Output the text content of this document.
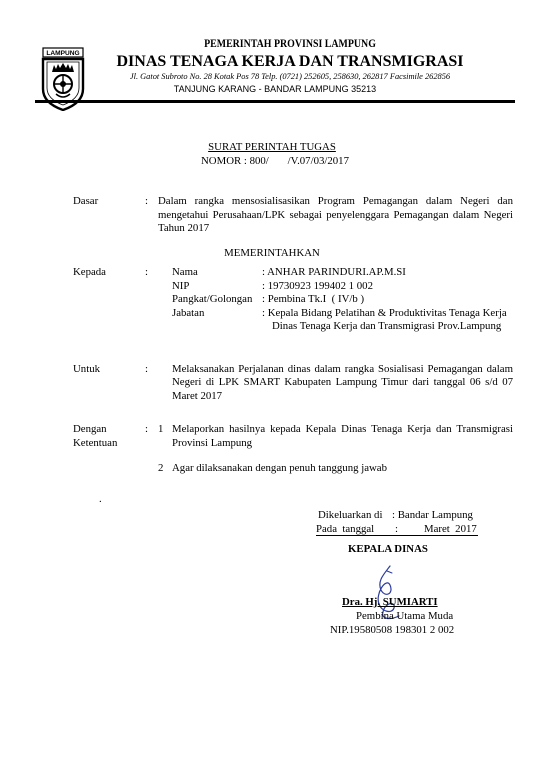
LAMPUNG

PEMERINTAH PROVINSI LAMPUNG
DINAS TENAGA KERJA DAN TRANSMIGRASI
Jl. Gatot Subroto No. 28 Kotak Pos 78 Telp. (0721) 252605, 258630, 262817 Facsimile 262856
TANJUNG KARANG - BANDAR LAMPUNG 35213
SURAT PERINTAH TUGAS
NOMOR : 800/       /V.07/03/2017
Dasar	: Dalam rangka mensosialisasikan Program Pemagangan dalam Negeri dan
mengetahui Perusahaan/LPK sebagai penyelenggara Pemagangan dalam Negeri
Tahun 2017
MEMERINTAHKAN
Kepada	: Nama	: ANHAR PARINDURI.AP.M.SI
NIP	: 19730923 199402 1 002
Pangkat/Golongan : Pembina Tk.I  ( IV/b )
Jabatan	: Kepala Bidang Pelatihan & Produktivitas Tenaga Kerja
Dinas Tenaga Kerja dan Transmigrasi Prov.Lampung
Untuk	: Melaksanakan Perjalanan dinas dalam rangka Sosialisasi Pemagangan dalam
Negeri di LPK SMART Kabupaten Lampung Timur dari tanggal 06 s/d 07
Maret 2017
Dengan
Ketentuan
: 1 Melaporkan hasilnya kepada Kepala Dinas Tenaga Kerja dan Transmigrasi
Provinsi Lampung
2 Agar dilaksanakan dengan penuh tanggung jawab
.
Dikeluarkan di : Bandar Lampung
Pada  tanggal : Maret  2017
KEPALA DINAS

Dra. Hj. SUMIARTI
Pembina Utama Muda
NIP.19580508 198301 2 002
